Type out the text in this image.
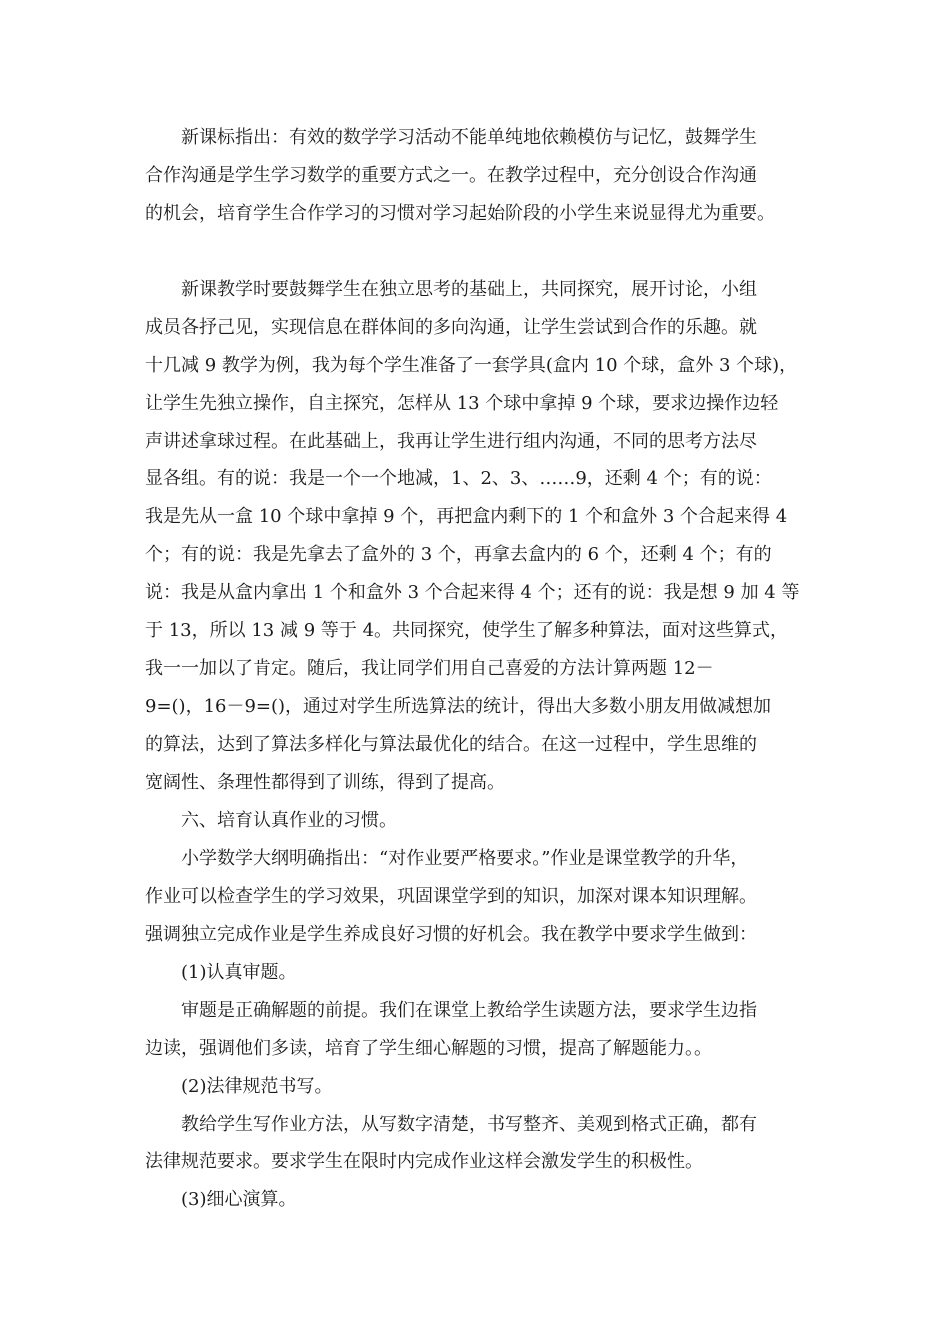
　　新课标指出：有效的数学学习活动不能单纯地依赖模仿与记忆，鼓舞学生

合作沟通是学生学习数学的重要方式之一。在教学过程中，充分创设合作沟通

的机会，培育学生合作学习的习惯对学习起始阶段的小学生来说显得尤为重要。

　　新课教学时要鼓舞学生在独立思考的基础上，共同探究，展开讨论，小组

成员各抒己见，实现信息在群体间的多向沟通，让学生尝试到合作的乐趣。就

十几减 9 教学为例，我为每个学生准备了一套学具(盒内 10 个球，盒外 3 个球)，

让学生先独立操作，自主探究，怎样从 13 个球中拿掉 9 个球，要求边操作边轻

声讲述拿球过程。在此基础上，我再让学生进行组内沟通，不同的思考方法尽

显各组。有的说：我是一个一个地减，1、2、3、……9，还剩 4 个；有的说：

我是先从一盒 10 个球中拿掉 9 个，再把盒内剩下的 1 个和盒外 3 个合起来得 4

个；有的说：我是先拿去了盒外的 3 个，再拿去盒内的 6 个，还剩 4 个；有的

说：我是从盒内拿出 1 个和盒外 3 个合起来得 4 个；还有的说：我是想 9 加 4 等

于 13，所以 13 减 9 等于 4。共同探究，使学生了解多种算法，面对这些算式，

我一一加以了肯定。随后，我让同学们用自己喜爱的方法计算两题 12－

9=()，16－9=()，通过对学生所选算法的统计，得出大多数小朋友用做减想加

的算法，达到了算法多样化与算法最优化的结合。在这一过程中，学生思维的

宽阔性、条理性都得到了训练，得到了提高。

　　六、培育认真作业的习惯。

　　小学数学大纲明确指出：“对作业要严格要求。”作业是课堂教学的升华，

作业可以检查学生的学习效果，巩固课堂学到的知识，加深对课本知识理解。

强调独立完成作业是学生养成良好习惯的好机会。我在教学中要求学生做到：

　　(1)认真审题。

　　审题是正确解题的前提。我们在课堂上教给学生读题方法，要求学生边指

边读，强调他们多读，培育了学生细心解题的习惯，提高了解题能力。。

　　(2)法律规范书写。

　　教给学生写作业方法，从写数字清楚，书写整齐、美观到格式正确，都有

法律规范要求。要求学生在限时内完成作业这样会激发学生的积极性。

　　(3)细心演算。
